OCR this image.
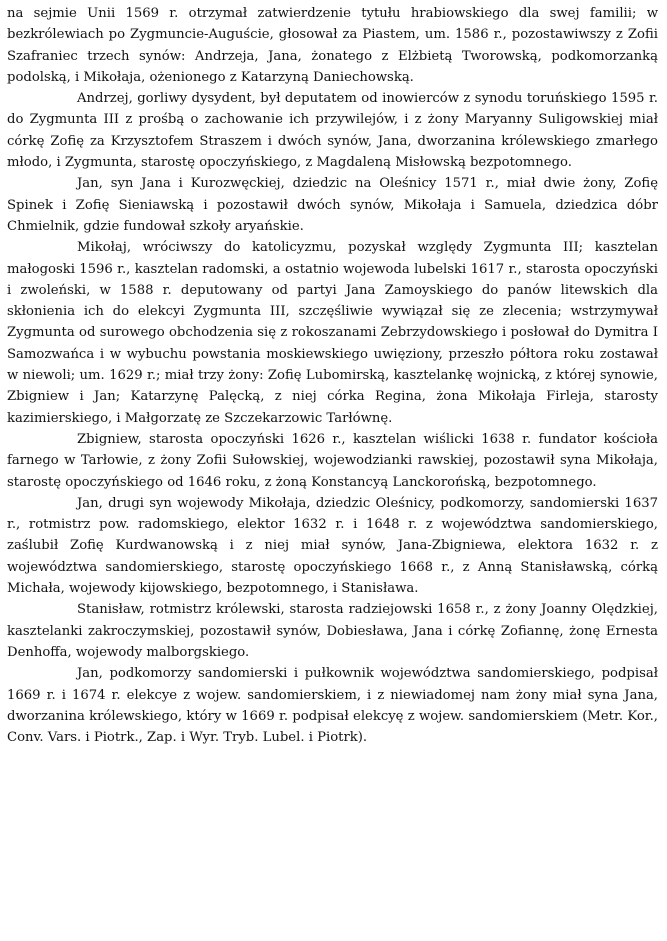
na sejmie Unii 1569 r. otrzymał zatwierdzenie tytułu hrabiowskiego dla swej familii; w bezkrólewiach po Zygmuncie-Auguście, głosował za Piastem, um. 1586 r., pozostawiwszy z Zofii Szafraniec trzech synów: Andrzeja, Jana, żonatego z Elżbietą Tworowską, podkomorzanką podolską, i Mikołaja, ożenionego z Katarzyną Daniechowską.

Andrzej, gorliwy dysydent, był deputatem od inowierców z synodu toruńskiego 1595 r. do Zygmunta III z prośbą o zachowanie ich przywilejów, i z żony Maryanny Suligowskiej miał córkę Zofię za Krzysztofem Straszem i dwóch synów, Jana, dworzanina królewskiego zmarłego młodo, i Zygmunta, starostę opoczyńskiego, z Magdaleną Misłowską bezpotomnego.

Jan, syn Jana i Kurozwęckiej, dziedzic na Oleśnicy 1571 r., miał dwie żony, Zofię Spinek i Zofię Sieniawską i pozostawił dwóch synów, Mikołaja i Samuela, dziedzica dóbr Chmielnik, gdzie fundował szkoły aryańskie.

Mikołaj, wróciwszy do katolicyzmu, pozyskał względy Zygmunta III; kasztelan małogoski 1596 r., kasztelan radomski, a ostatnio wojewoda lubelski 1617 r., starosta opoczyński i zwoleński, w 1588 r. deputowany od partyi Jana Zamoyskiego do panów litewskich dla skłonienia ich do elekcyi Zygmunta III, szczęśliwie wywiązał się ze zlecenia; wstrzymywał Zygmunta od surowego obchodzenia się z rokoszanami Zebrzydowskiego i posłował do Dymitra I Samozwańca i w wybuchu powstania moskiewskiego uwięziony, przeszło półtora roku zostawał w niewoli; um. 1629 r.; miał trzy żony: Zofię Lubomirską, kasztelankę wojnicką, z której synowie, Zbigniew i Jan; Katarzynę Palęcką, z niej córka Regina, żona Mikołaja Firleja, starosty kazimierskiego, i Małgorzatę ze Szczekarzowic Tarłównę.

Zbigniew, starosta opoczyński 1626 r., kasztelan wiślicki 1638 r. fundator kościoła farnego w Tarłowie, z żony Zofii Sułowskiej, wojewodzianki rawskiej, pozostawił syna Mikołaja, starostę opoczyńskiego od 1646 roku, z żoną Konstancyą Lanckorońską, bezpotomnego.

Jan, drugi syn wojewody Mikołaja, dziedzic Oleśnicy, podkomorzy, sandomierski 1637 r., rotmistrz pow. radomskiego, elektor 1632 r. i 1648 r. z województwa sandomierskiego, zaślubił Zofię Kurdwanowską i z niej miał synów, Jana-Zbigniewa, elektora 1632 r. z województwa sandomierskiego, starostę opoczyńskiego 1668 r., z Anną Stanisławską, córką Michała, wojewody kijowskiego, bezpotomnego, i Stanisława.

Stanisław, rotmistrz królewski, starosta radziejowski 1658 r., z żony Joanny Olędzkiej, kasztelanki zakroczymskiej, pozostawił synów, Dobiesława, Jana i córkę Zofiannę, żonę Ernesta Denhoffa, wojewody malborgskiego.

Jan, podkomorzy sandomierski i pułkownik województwa sandomierskiego, podpisał 1669 r. i 1674 r. elekcye z wojew. sandomierskiem, i z niewiadomej nam żony miał syna Jana, dworzanina królewskiego, który w 1669 r. podpisał elekcyę z wojew. sandomierskiem (Metr. Kor., Conv. Vars. i Piotrk., Zap. i Wyr. Tryb. Lubel. i Piotrk).
